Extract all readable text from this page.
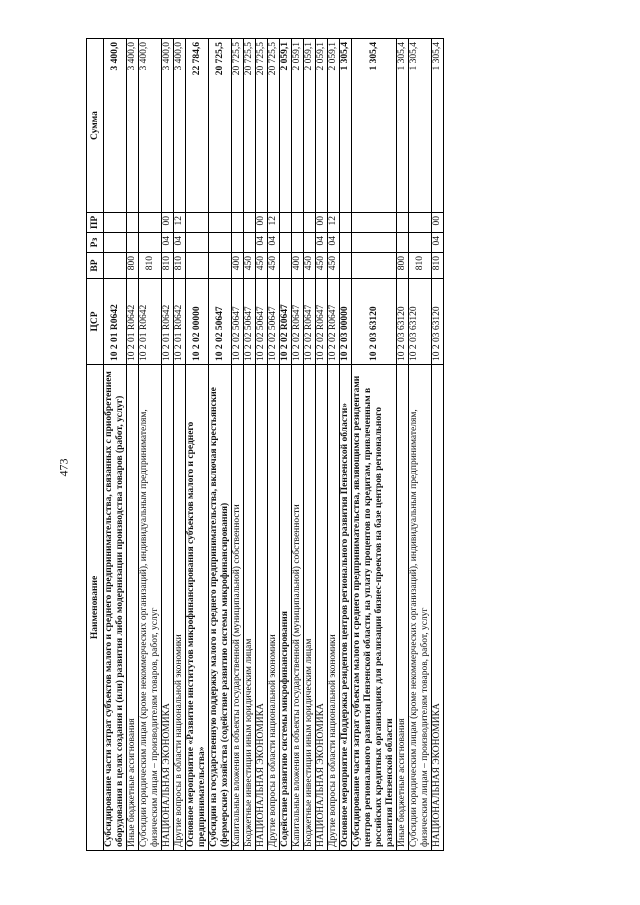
473
Наименование	ЦСР	ВР	Рз	ПР	Сумма
Субсидирование части затрат субъектов малого и среднего предпринимательства, связанных с приобретением оборудования в целях создания и (или) развития либо модернизации производства товаров (работ, услуг)	10 2 01 R0642				3 400,0
Иные бюджетные ассигнования	10 2 01 R0642	800			3 400,0
Субсидии юридическим лицам (кроме некоммерческих организаций), индивидуальным предпринимателям, физическим лицам – производителям товаров, работ, услуг	10 2 01 R0642	810			3 400,0
НАЦИОНАЛЬНАЯ ЭКОНОМИКА	10 2 01 R0642	810	04	00	3 400,0
Другие вопросы в области национальной экономики	10 2 01 R0642	810	04	12	3 400,0
Основное мероприятие «Развитие институтов микрофинансирования субъектов малого и среднего предпринимательства»	10 2 02 00000				22 784,6
Субсидии на государственную поддержку малого и среднего предпринимательства, включая крестьянские (фермерские) хозяйства (содействие развитию системы микрофинансирования)	10 2 02 50647				20 725,5
Капитальные вложения в объекты государственной (муниципальной) собственности	10 2 02 50647	400			20 725,5
Бюджетные инвестиции иным юридическим лицам	10 2 02 50647	450			20 725,5
НАЦИОНАЛЬНАЯ ЭКОНОМИКА	10 2 02 50647	450	04	00	20 725,5
Другие вопросы в области национальной экономики	10 2 02 50647	450	04	12	20 725,5
Содействие развитию системы микрофинансирования	10 2 02 R0647				2 059,1
Капитальные вложения в объекты государственной (муниципальной) собственности	10 2 02 R0647	400			2 059,1
Бюджетные инвестиции иным юридическим лицам	10 2 02 R0647	450			2 059,1
НАЦИОНАЛЬНАЯ ЭКОНОМИКА	10 2 02 R0647	450	04	00	2 059,1
Другие вопросы в области национальной экономики	10 2 02 R0647	450	04	12	2 059,1
Основное мероприятие «Поддержка резидентов центров регионального развития Пензенской области»	10 2 03 00000				1 305,4
Субсидирование части затрат субъектам малого и среднего предпринимательства, являющимся резидентами центров регионального развития Пензенской области, на уплату процентов по кредитам, привлеченным в российских кредитных организациях для реализации бизнес-проектов на базе центров регионального развития Пензенской области	10 2 03 63120				1 305,4
Иные бюджетные ассигнования	10 2 03 63120	800			1 305,4
Субсидии юридическим лицам (кроме некоммерческих организаций), индивидуальным предпринимателям, физическим лицам – производителям товаров, работ, услуг	10 2 03 63120	810			1 305,4
НАЦИОНАЛЬНАЯ ЭКОНОМИКА	10 2 03 63120	810	04	00	1 305,4
